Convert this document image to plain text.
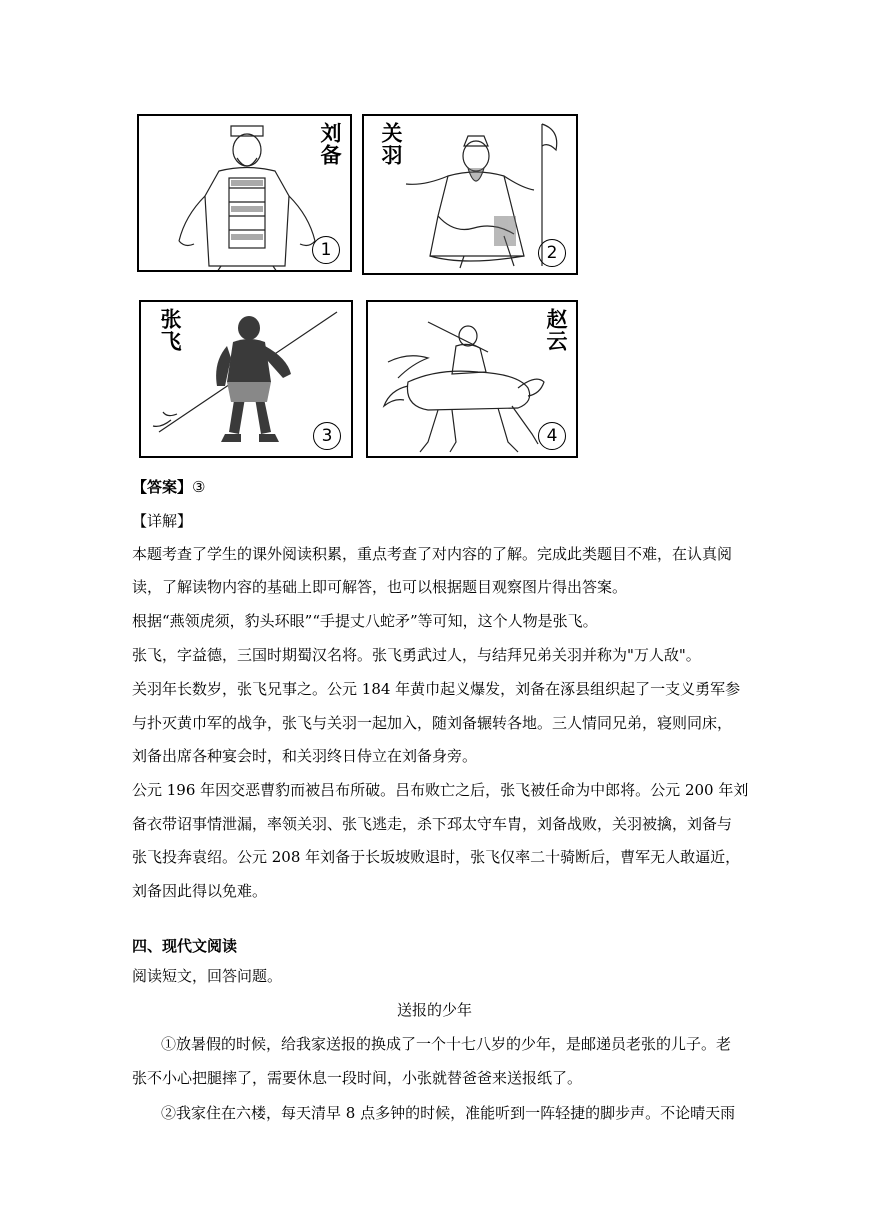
刘备
1
关羽
2
张飞
3
赵云
4
【答案】③
【详解】
本题考查了学生的课外阅读积累，重点考查了对内容的了解。完成此类题目不难，在认真阅
读，了解读物内容的基础上即可解答，也可以根据题目观察图片得出答案。
根据“燕领虎须，豹头环眼”“手提丈八蛇矛”等可知，这个人物是张飞。
张飞，字益德，三国时期蜀汉名将。张飞勇武过人，与结拜兄弟关羽并称为"万人敌"。
关羽年长数岁，张飞兄事之。公元 184 年黄巾起义爆发，刘备在涿县组织起了一支义勇军参
与扑灭黄巾军的战争，张飞与关羽一起加入，随刘备辗转各地。三人情同兄弟，寝则同床，
刘备出席各种宴会时，和关羽终日侍立在刘备身旁。
公元 196 年因交恶曹豹而被吕布所破。吕布败亡之后，张飞被任命为中郎将。公元 200 年刘
备衣带诏事情泄漏，率领关羽、张飞逃走，杀下邳太守车胄，刘备战败，关羽被擒，刘备与
张飞投奔袁绍。公元 208 年刘备于长坂坡败退时，张飞仅率二十骑断后，曹军无人敢逼近，
刘备因此得以免难。
四、现代文阅读
阅读短文，回答问题。
送报的少年
①放暑假的时候，给我家送报的换成了一个十七八岁的少年，是邮递员老张的儿子。老
张不小心把腿摔了，需要休息一段时间，小张就替爸爸来送报纸了。
②我家住在六楼，每天清早 8 点多钟的时候，准能听到一阵轻捷的脚步声。不论晴天雨
